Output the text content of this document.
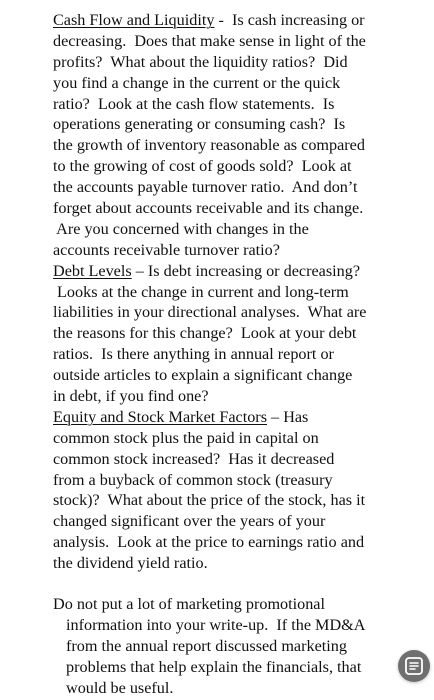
Cash Flow and Liquidity -  Is cash increasing or
decreasing.  Does that make sense in light of the
profits?  What about the liquidity ratios?  Did
you find a change in the current or the quick
ratio?  Look at the cash flow statements.  Is
operations generating or consuming cash?  Is
the growth of inventory reasonable as compared
to the growing of cost of goods sold?  Look at
the accounts payable turnover ratio.  And don’t
forget about accounts receivable and its change.
Are you concerned with changes in the
accounts receivable turnover ratio?
Debt Levels – Is debt increasing or decreasing?
Looks at the change in current and long-term
liabilities in your directional analyses.  What are
the reasons for this change?  Look at your debt
ratios.  Is there anything in annual report or
outside articles to explain a significant change
in debt, if you find one?
Equity and Stock Market Factors – Has
common stock plus the paid in capital on
common stock increased?  Has it decreased
from a buyback of common stock (treasury
stock)?  What about the price of the stock, has it
changed significant over the years of your
analysis.  Look at the price to earnings ratio and
the dividend yield ratio.
Do not put a lot of marketing promotional
information into your write-up.  If the MD&A
from the annual report discussed marketing
problems that help explain the financials, that
would be useful.
